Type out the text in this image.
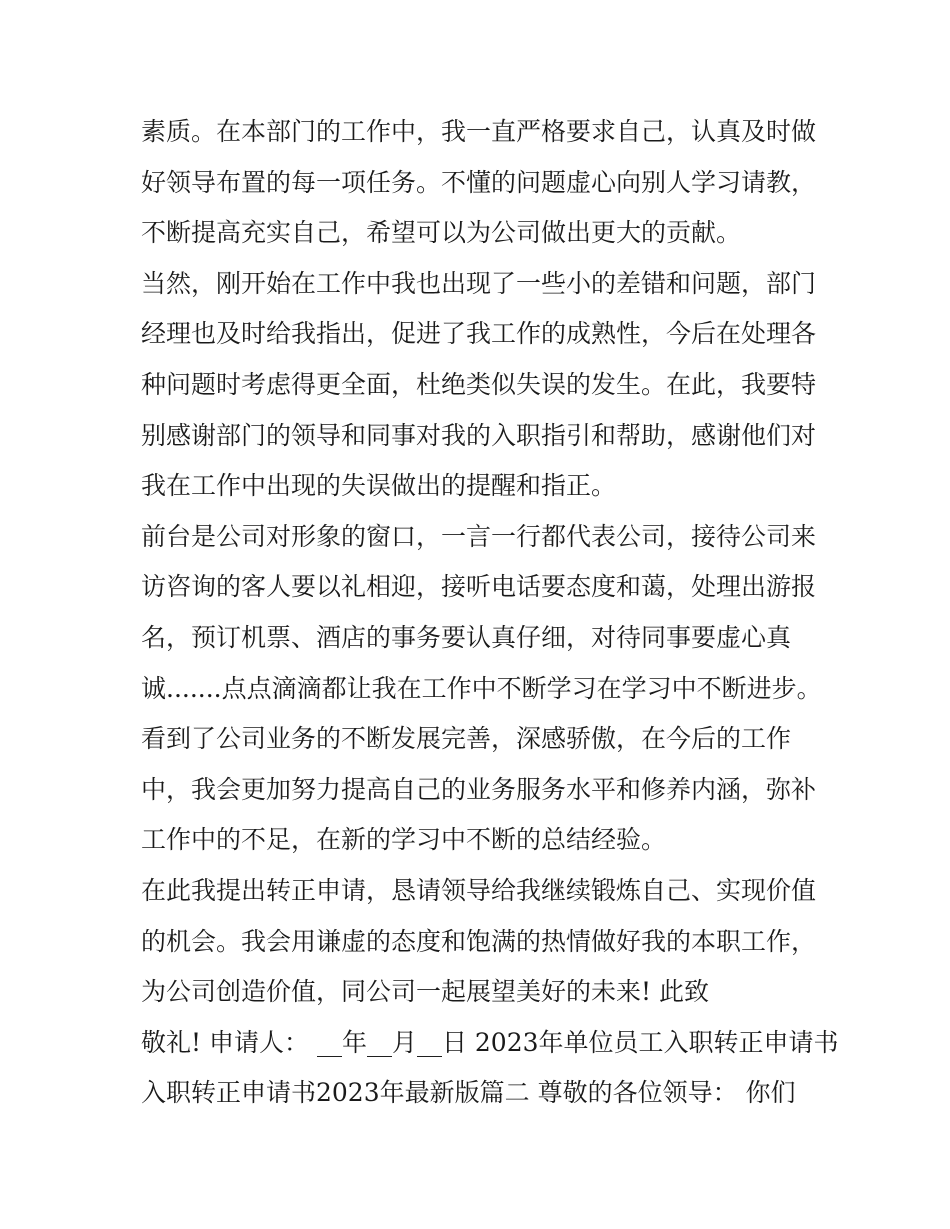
素质。在本部门的工作中，我一直严格要求自己，认真及时做
好领导布置的每一项任务。不懂的问题虚心向别人学习请教，
不断提高充实自己，希望可以为公司做出更大的贡献。
当然，刚开始在工作中我也出现了一些小的差错和问题，部门
经理也及时给我指出，促进了我工作的成熟性，今后在处理各
种问题时考虑得更全面，杜绝类似失误的发生。在此，我要特
别感谢部门的领导和同事对我的入职指引和帮助，感谢他们对
我在工作中出现的失误做出的提醒和指正。
前台是公司对形象的窗口，一言一行都代表公司，接待公司来
访咨询的客人要以礼相迎，接听电话要态度和蔼，处理出游报
名，预订机票、酒店的事务要认真仔细，对待同事要虚心真
诚.......点点滴滴都让我在工作中不断学习在学习中不断进步。
看到了公司业务的不断发展完善，深感骄傲，在今后的工作
中，我会更加努力提高自己的业务服务水平和修养内涵，弥补
工作中的不足，在新的学习中不断的总结经验。
在此我提出转正申请，恳请领导给我继续锻炼自己、实现价值
的机会。我会用谦虚的态度和饱满的热情做好我的本职工作，
为公司创造价值，同公司一起展望美好的未来! 此致
敬礼! 申请人： __年__月__日 2023年单位员工入职转正申请书
入职转正申请书2023年最新版篇二 尊敬的各位领导： 你们
